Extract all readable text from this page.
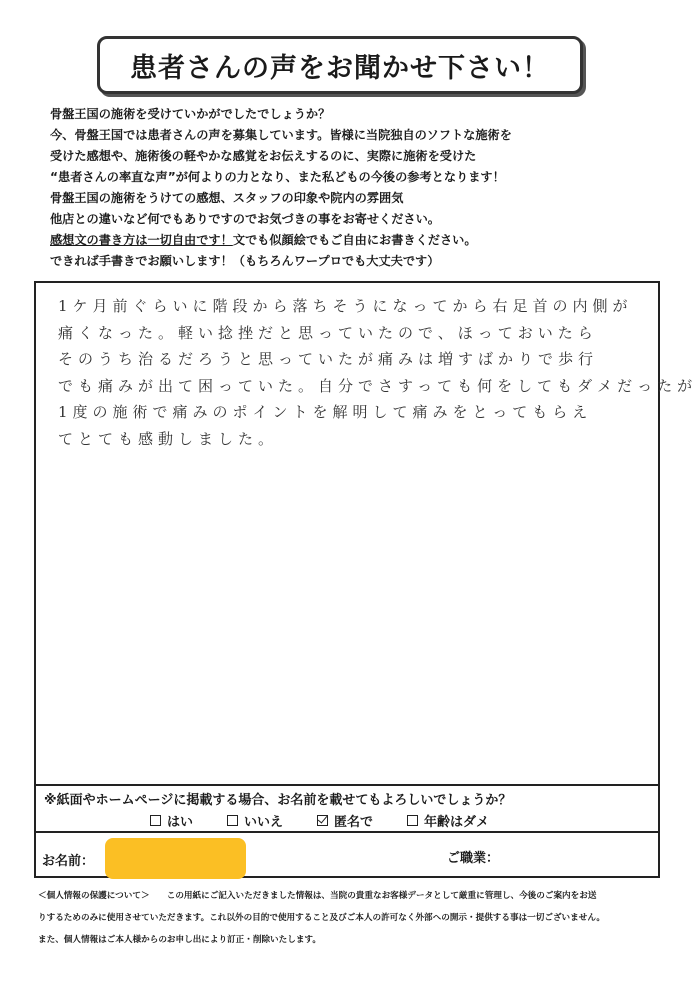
患者さんの声をお聞かせ下さい！
骨盤王国の施術を受けていかがでしたでしょうか？
今、骨盤王国では患者さんの声を募集しています。皆様に当院独自のソフトな施術を
受けた感想や、施術後の軽やかな感覚をお伝えするのに、実際に施術を受けた
“患者さんの率直な声”が何よりの力となり、また私どもの今後の参考となります！
骨盤王国の施術をうけての感想、スタッフの印象や院内の雰囲気
他店との違いなど何でもありですのでお気づきの事をお寄せください。
感想文の書き方は一切自由です！文でも似顔絵でもご自由にお書きください。
できれば手書きでお願いします！（もちろんワープロでも大丈夫です）
1ケ月前ぐらいに階段から落ちそうになってから右足首の内側が
痛くなった。軽い捻挫だと思っていたので、ほっておいたら
そのうち治るだろうと思っていたが痛みは増すばかりで歩行
でも痛みが出て困っていた。自分でさすっても何をしてもダメだったが
1度の施術で痛みのポイントを解明して痛みをとってもらえ
てとても感動しました。
※紙面やホームページに掲載する場合、お名前を載せてもよろしいでしょうか？
はい	いいえ	匿名で	年齢はダメ
お名前：	ご職業：
＜個人情報の保護について＞　　この用紙にご記入いただきました情報は、当院の貴重なお客様データとして厳重に管理し、今後のご案内をお送
りするためのみに使用させていただきます。これ以外の目的で使用すること及びご本人の許可なく外部への開示・提供する事は一切ございません。
また、個人情報はご本人様からのお申し出により訂正・削除いたします。
